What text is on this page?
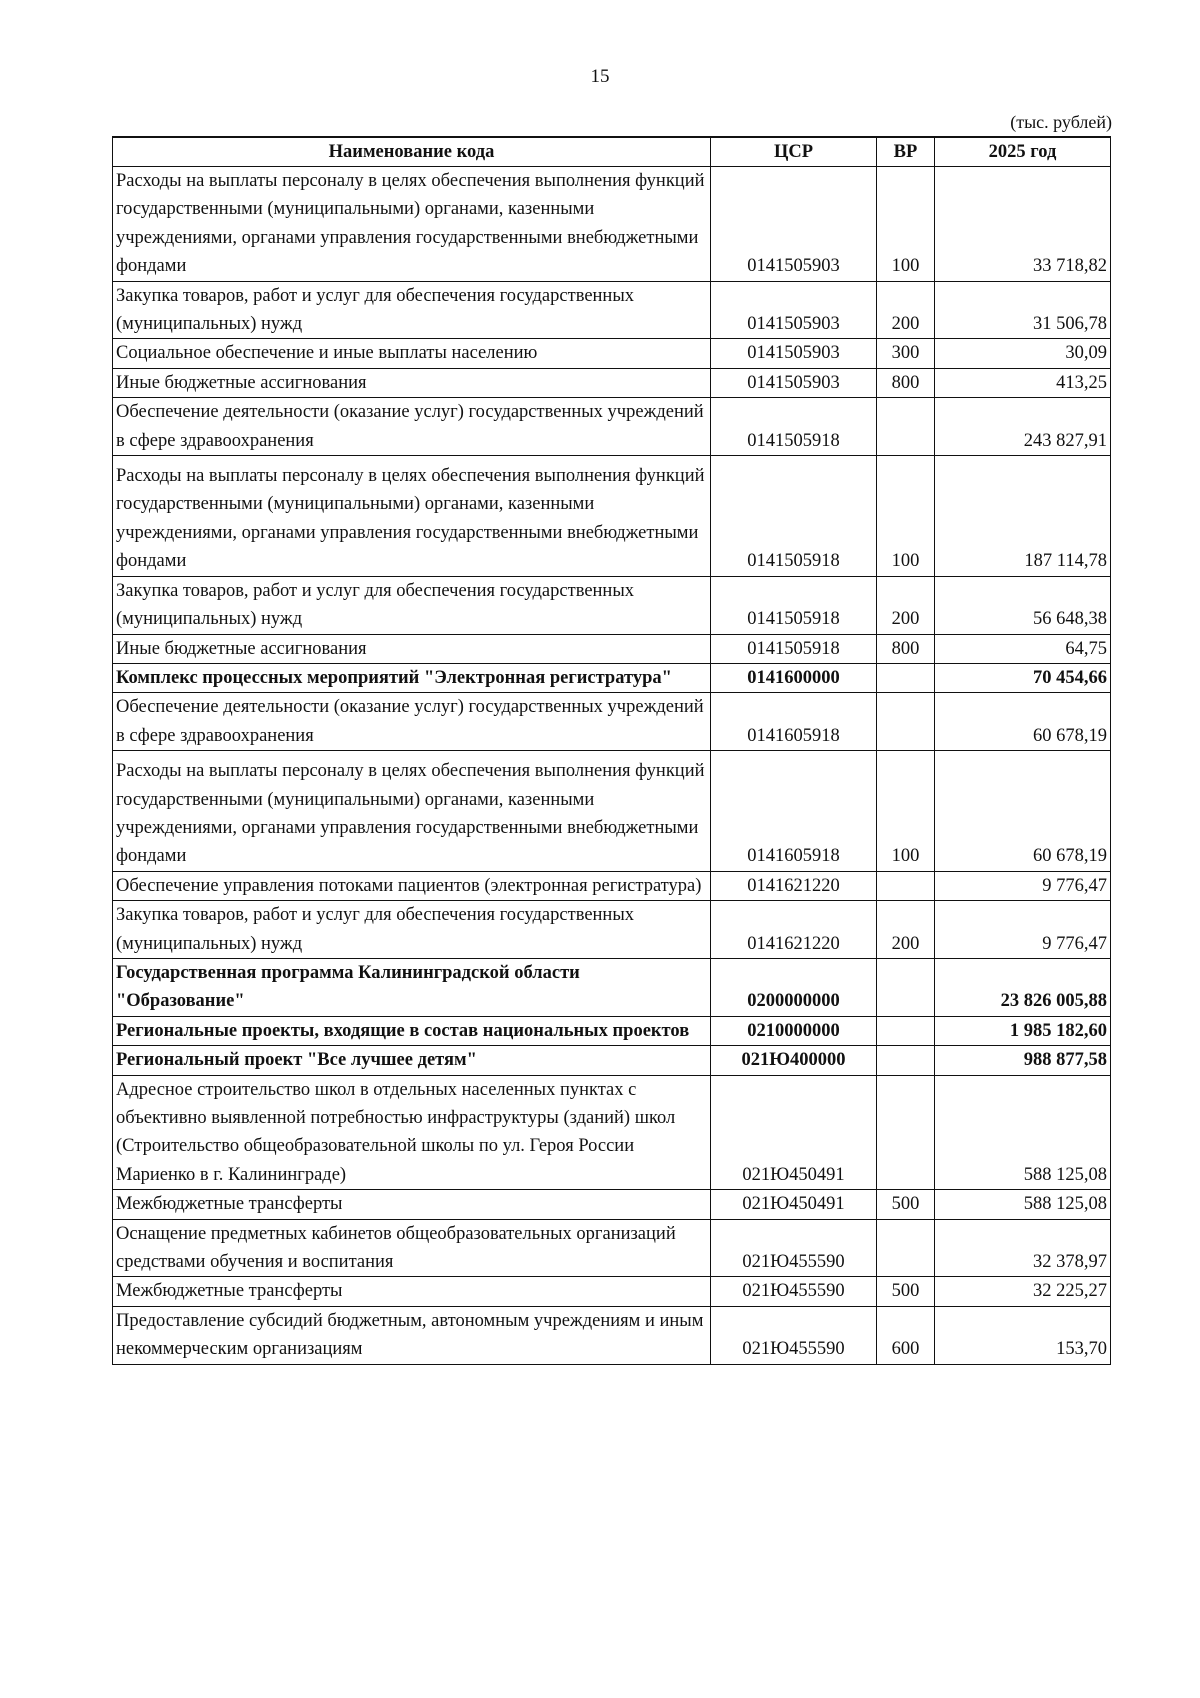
15
(тыс. рублей)
Наименование кода	ЦСР	ВР	2025 год
Расходы на выплаты персоналу в целях обеспечения выполнения функций государственными (муниципальными) органами, казенными учреждениями, органами управления государственными внебюджетными фондами	0141505903	100	33 718,82
Закупка товаров, работ и услуг для обеспечения государственных (муниципальных) нужд	0141505903	200	31 506,78
Социальное обеспечение и иные выплаты населению	0141505903	300	30,09
Иные бюджетные ассигнования	0141505903	800	413,25
Обеспечение деятельности (оказание услуг) государственных учреждений в сфере здравоохранения	0141505918		243 827,91
Расходы на выплаты персоналу в целях обеспечения выполнения функций государственными (муниципальными) органами, казенными учреждениями, органами управления государственными внебюджетными фондами	0141505918	100	187 114,78
Закупка товаров, работ и услуг для обеспечения государственных (муниципальных) нужд	0141505918	200	56 648,38
Иные бюджетные ассигнования	0141505918	800	64,75
Комплекс процессных мероприятий "Электронная регистратура"	0141600000		70 454,66
Обеспечение деятельности (оказание услуг) государственных учреждений в сфере здравоохранения	0141605918		60 678,19
Расходы на выплаты персоналу в целях обеспечения выполнения функций государственными (муниципальными) органами, казенными учреждениями, органами управления государственными внебюджетными фондами	0141605918	100	60 678,19
Обеспечение управления потоками пациентов (электронная регистратура)	0141621220		9 776,47
Закупка товаров, работ и услуг для обеспечения государственных (муниципальных) нужд	0141621220	200	9 776,47
Государственная программа Калининградской области "Образование"	0200000000		23 826 005,88
Региональные проекты, входящие в состав национальных проектов	0210000000		1 985 182,60
Региональный проект "Все лучшее детям"	021Ю400000		988 877,58
Адресное строительство школ в отдельных населенных пунктах с объективно выявленной потребностью инфраструктуры (зданий) школ (Строительство общеобразовательной школы по ул. Героя России Мариенко в г. Калининграде)	021Ю450491		588 125,08
Межбюджетные трансферты	021Ю450491	500	588 125,08
Оснащение предметных кабинетов общеобразовательных организаций средствами обучения и воспитания	021Ю455590		32 378,97
Межбюджетные трансферты	021Ю455590	500	32 225,27
Предоставление субсидий бюджетным, автономным учреждениям и иным некоммерческим организациям	021Ю455590	600	153,70
